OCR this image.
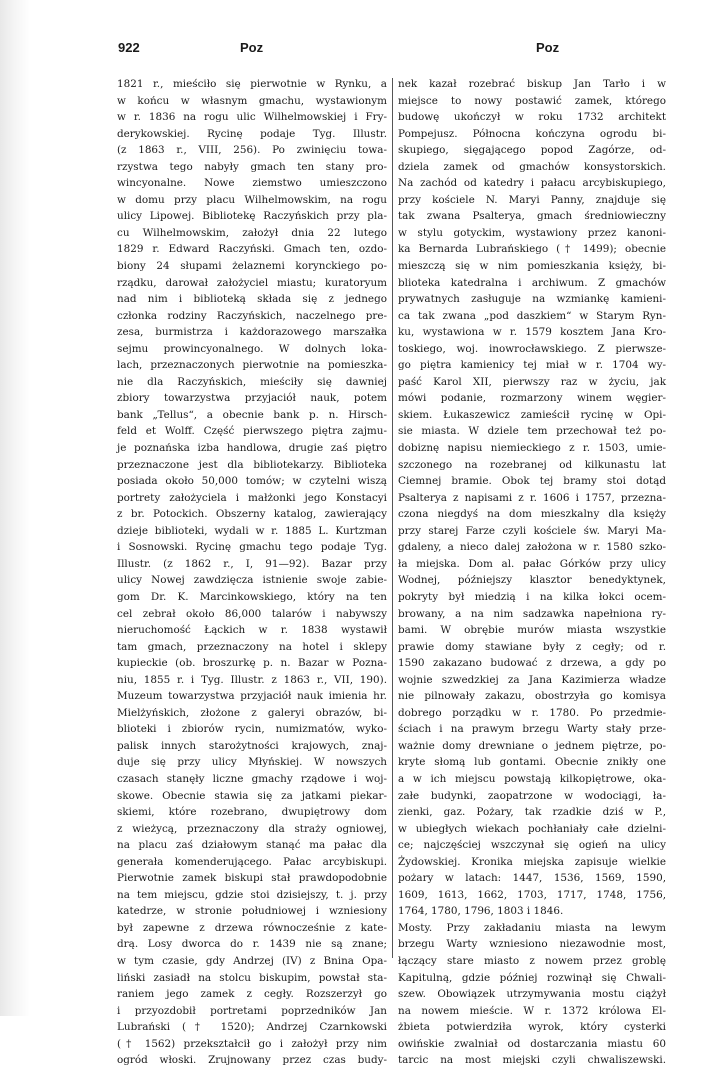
922	Poz	Poz
1821 r., mieściło się pierwotnie w Rynku, a
w końcu w własnym gmachu, wystawionym
w r. 1836 na rogu ulic Wilhelmowskiej i Fry-
derykowskiej. Rycinę podaje Tyg. Illustr.
(z 1863 r., VIII, 256). Po zwinięciu towa-
rzystwa tego nabyły gmach ten stany pro-
wincyonalne. Nowe ziemstwo umieszczono
w domu przy placu Wilhelmowskim, na rogu
ulicy Lipowej. Bibliotekę Raczyńskich przy pla-
cu Wilhelmowskim, założył dnia 22 lutego
1829 r. Edward Raczyński. Gmach ten, ozdo-
biony 24 słupami żelaznemi korynckiego po-
rządku, darował założyciel miastu; kuratoryum
nad nim i biblioteką składa się z jednego
członka rodziny Raczyńskich, naczelnego pre-
zesa, burmistrza i każdorazowego marszałka
sejmu prowincyonalnego. W dolnych loka-
lach, przeznaczonych pierwotnie na pomieszka-
nie dla Raczyńskich, mieściły się dawniej
zbiory towarzystwa przyjaciół nauk, potem
bank „Tellus“, a obecnie bank p. n. Hirsch-
feld et Wolff. Część pierwszego piętra zajmu-
je poznańska izba handlowa, drugie zaś piętro
przeznaczone jest dla bibliotekarzy. Biblioteka
posiada około 50,000 tomów; w czytelni wiszą
portrety założyciela i małżonki jego Konstacyi
z br. Potockich. Obszerny katalog, zawierający
dzieje biblioteki, wydali w r. 1885 L. Kurtzman
i Sosnowski. Rycinę gmachu tego podaje Tyg.
Illustr. (z 1862 r., I, 91—92). Bazar przy
ulicy Nowej zawdzięcza istnienie swoje zabie-
gom Dr. K. Marcinkowskiego, który na ten
cel zebrał około 86,000 talarów i nabywszy
nieruchomość Łąckich w r. 1838 wystawił
tam gmach, przeznaczony na hotel i sklepy
kupieckie (ob. broszurkę p. n. Bazar w Pozna-
niu, 1855 r. i Tyg. Illustr. z 1863 r., VII, 190).
Muzeum towarzystwa przyjaciół nauk imienia hr.
Mielżyńskich, złożone z galeryi obrazów, bi-
blioteki i zbiorów rycin, numizmatów, wyko-
palisk innych starożytności krajowych, znaj-
duje się przy ulicy Młyńskiej. W nowszych
czasach stanęły liczne gmachy rządowe i woj-
skowe. Obecnie stawia się za jatkami piekar-
skiemi, które rozebrano, dwupiętrowy dom
z wieżycą, przeznaczony dla straży ogniowej,
na placu zaś działowym stanąć ma pałac dla
generała komenderującego. Pałac arcybiskupi.
Pierwotnie zamek biskupi stał prawdopodobnie
na tem miejscu, gdzie stoi dzisiejszy, t. j. przy
katedrze, w stronie południowej i wzniesiony
był zapewne z drzewa równocześnie z kate-
drą. Losy dworca do r. 1439 nie są znane;
w tym czasie, gdy Andrzej (IV) z Bnina Opa-
liński zasiadł na stolcu biskupim, powstał sta-
raniem jego zamek z cegły. Rozszerzył go
i przyozdobił portretami poprzedników Jan
Lubrański († 1520); Andrzej Czarnkowski
(† 1562) przekształcił go i założył przy nim
ogród włoski. Zrujnowany przez czas budy-
nek kazał rozebrać biskup Jan Tarło i w
miejsce to nowy postawić zamek, którego
budowę ukończył w roku 1732 architekt
Pompejusz. Północna kończyna ogrodu bi-
skupiego, sięgającego popod Zagórze, od-
dziela zamek od gmachów konsystorskich.
Na zachód od katedry i pałacu arcybiskupiego,
przy kościele N. Maryi Panny, znajduje się
tak zwana Psalterya, gmach średniowieczny
w stylu gotyckim, wystawiony przez kanoni-
ka Bernarda Lubrańskiego († 1499); obecnie
mieszczą się w nim pomieszkania księży, bi-
blioteka katedralna i archiwum. Z gmachów
prywatnych zasługuje na wzmiankę kamieni-
ca tak zwana „pod daszkiem“ w Starym Ryn-
ku, wystawiona w r. 1579 kosztem Jana Kro-
toskiego, woj. inowrocławskiego. Z pierwsze-
go piętra kamienicy tej miał w r. 1704 wy-
paść Karol XII, pierwszy raz w życiu, jak
mówi podanie, rozmarzony winem węgier-
skiem. Łukaszewicz zamieścił rycinę w Opi-
sie miasta. W dziele tem przechował też po-
dobiznę napisu niemieckiego z r. 1503, umie-
szczonego na rozebranej od kilkunastu lat
Ciemnej bramie. Obok tej bramy stoi dotąd
Psalterya z napisami z r. 1606 i 1757, przezna-
czona niegdyś na dom mieszkalny dla księży
przy starej Farze czyli kościele św. Maryi Ma-
gdaleny, a nieco dalej założona w r. 1580 szko-
ła miejska. Dom al. pałac Górków przy ulicy
Wodnej, późniejszy klasztor benedyktynek,
pokryty był miedzią i na kilka łokci ocem-
browany, a na nim sadzawka napełniona ry-
bami. W obrębie murów miasta wszystkie
prawie domy stawiane były z cegły; od r.
1590 zakazano budować z drzewa, a gdy po
wojnie szwedzkiej za Jana Kazimierza władze
nie pilnowały zakazu, obostrzyła go komisya
dobrego porządku w r. 1780. Po przedmie-
ściach i na prawym brzegu Warty stały prze-
ważnie domy drewniane o jednem piętrze, po-
kryte słomą lub gontami. Obecnie znikły one
a w ich miejscu powstają kilkopiętrowe, oka-
załe budynki, zaopatrzone w wodociągi, ła-
zienki, gaz. Pożary, tak rzadkie dziś w P.,
w ubiegłych wiekach pochłaniały całe dzielni-
ce; najczęściej wszczynał się ogień na ulicy
Żydowskiej. Kronika miejska zapisuje wielkie
pożary w latach: 1447, 1536, 1569, 1590,
1609, 1613, 1662, 1703, 1717, 1748, 1756,
1764, 1780, 1796, 1803 i 1846.
Mosty. Przy zakładaniu miasta na lewym
brzegu Warty wzniesiono niezawodnie most,
łączący stare miasto z nowem przez groblę
Kapitulną, gdzie później rozwinął się Chwali-
szew. Obowiązek utrzymywania mostu ciążył
na nowem mieście. W r. 1372 królowa El-
żbieta potwierdziła wyrok, który cysterki
owińskie zwalniał od dostarczania miastu 60
tarcic na most miejski czyli chwaliszewski.
